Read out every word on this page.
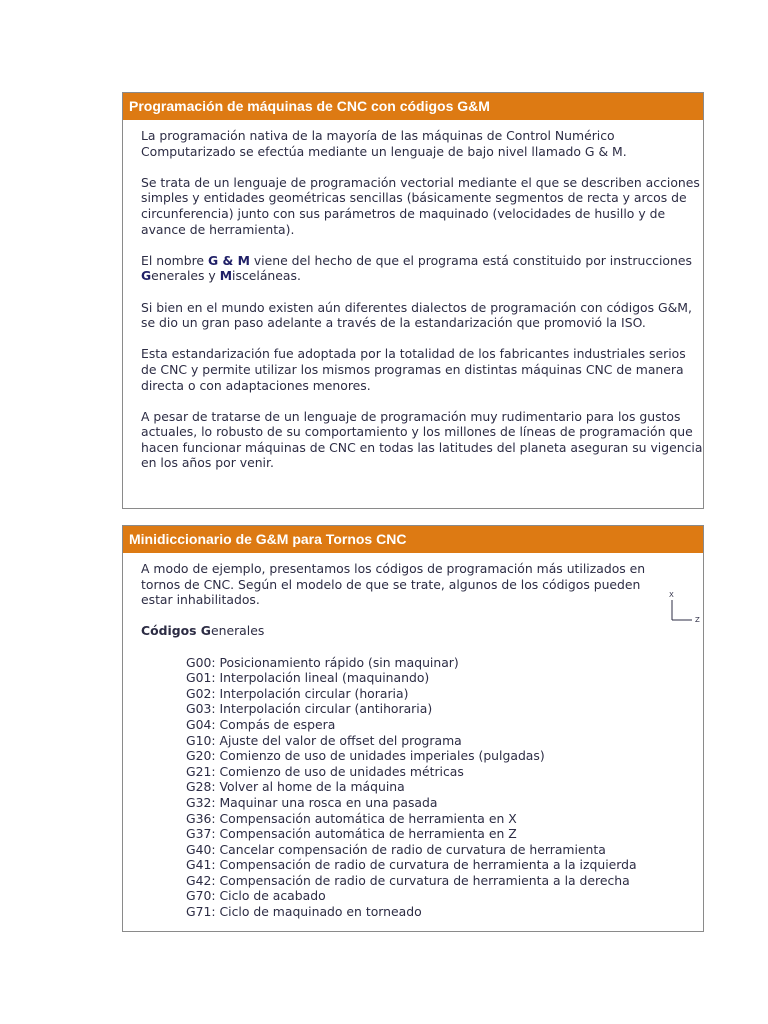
Programación de máquinas de CNC con códigos G&M

La programación nativa de la mayoría de las máquinas de Control Numérico Computarizado se efectúa mediante un lenguaje de bajo nivel llamado G & M.

Se trata de un lenguaje de programación vectorial mediante el que se describen acciones simples y entidades geométricas sencillas (básicamente segmentos de recta y arcos de circunferencia) junto con sus parámetros de maquinado (velocidades de husillo y de avance de herramienta).

El nombre G & M viene del hecho de que el programa está constituido por instrucciones Generales y Misceláneas.

Si bien en el mundo existen aún diferentes dialectos de programación con códigos G&M, se dio un gran paso adelante a través de la estandarización que promovió la ISO.

Esta estandarización fue adoptada por la totalidad de los fabricantes industriales serios de CNC y permite utilizar los mismos programas en distintas máquinas CNC de manera directa o con adaptaciones menores.

A pesar de tratarse de un lenguaje de programación muy rudimentario para los gustos actuales, lo robusto de su comportamiento y los millones de líneas de programación que hacen funcionar máquinas de CNC en todas las latitudes del planeta aseguran su vigencia en los años por venir.

Minidiccionario de G&M para Tornos CNC

A modo de ejemplo, presentamos los códigos de programación más utilizados en tornos de CNC. Según el modelo de que se trate, algunos de los códigos pueden estar inhabilitados.

Códigos Generales

G00: Posicionamiento rápido (sin maquinar)
G01: Interpolación lineal (maquinando)
G02: Interpolación circular (horaria)
G03: Interpolación circular (antihoraria)
G04: Compás de espera
G10: Ajuste del valor de offset del programa
G20: Comienzo de uso de unidades imperiales (pulgadas)
G21: Comienzo de uso de unidades métricas
G28: Volver al home de la máquina
G32: Maquinar una rosca en una pasada
G36: Compensación automática de herramienta en X
G37: Compensación automática de herramienta en Z
G40: Cancelar compensación de radio de curvatura de herramienta
G41: Compensación de radio de curvatura de herramienta a la izquierda
G42: Compensación de radio de curvatura de herramienta a la derecha
G70: Ciclo de acabado
G71: Ciclo de maquinado en torneado
X
Z
